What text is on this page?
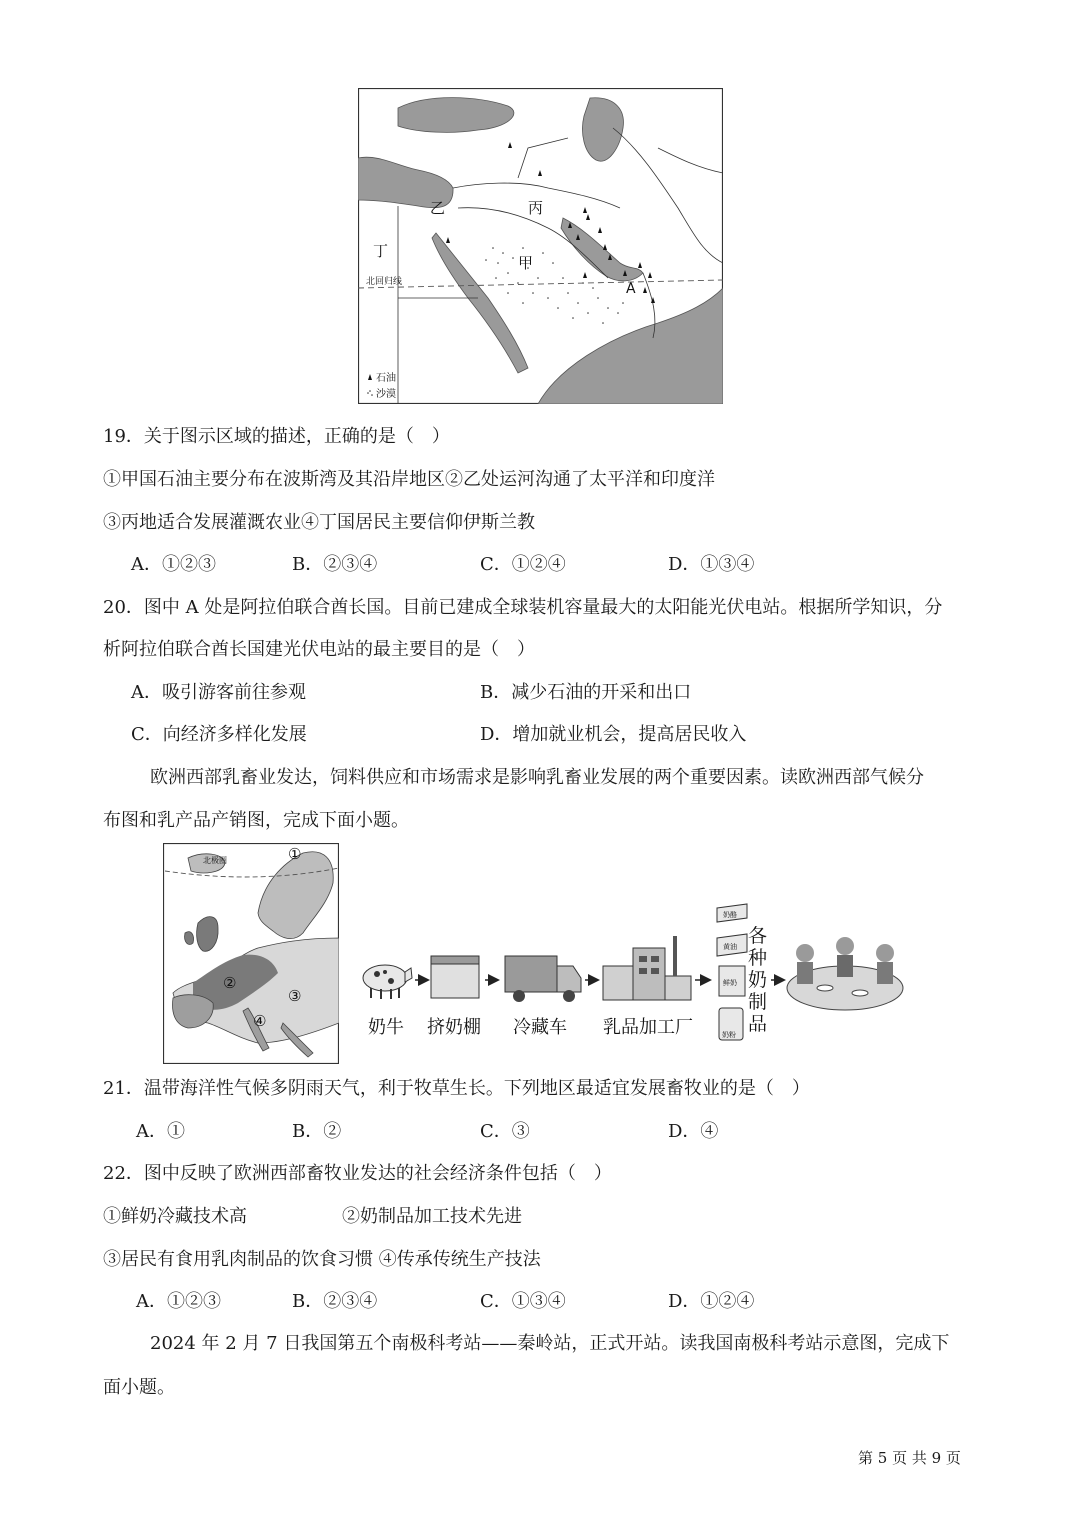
乙	丙
甲
丁
A
北回归线
石油
沙漠
19．关于图示区域的描述，正确的是（　）
①甲国石油主要分布在波斯湾及其沿岸地区②乙处运河沟通了太平洋和印度洋
③丙地适合发展灌溉农业④丁国居民主要信仰伊斯兰教
A．①②③	B．②③④	C．①②④	D．①③④
20．图中 A 处是阿拉伯联合酋长国。目前已建成全球装机容量最大的太阳能光伏电站。根据所学知识，分
析阿拉伯联合酋长国建光伏电站的最主要目的是（　）
A．吸引游客前往参观	B．减少石油的开采和出口
C．向经济多样化发展	D．增加就业机会，提高居民收入
欧洲西部乳畜业发达，饲料供应和市场需求是影响乳畜业发展的两个重要因素。读欧洲西部气候分
布图和乳产品产销图，完成下面小题。
北极圈	①
②
③
④
奶酪
黄油
鲜奶
奶粉
各
种
奶
制
品
奶牛 挤奶棚 冷藏车 乳品加工厂
21．温带海洋性气候多阴雨天气，利于牧草生长。下列地区最适宜发展畜牧业的是（　）
A．①	B．②	C．③	D．④
22．图中反映了欧洲西部畜牧业发达的社会经济条件包括（　）
①鲜奶冷藏技术高	②奶制品加工技术先进
③居民有食用乳肉制品的饮食习惯 ④传承传统生产技法
A．①②③	B．②③④	C．①③④	D．①②④
2024 年 2 月 7 日我国第五个南极科考站——秦岭站，正式开站。读我国南极科考站示意图，完成下
面小题。
第 5 页 共 9 页
